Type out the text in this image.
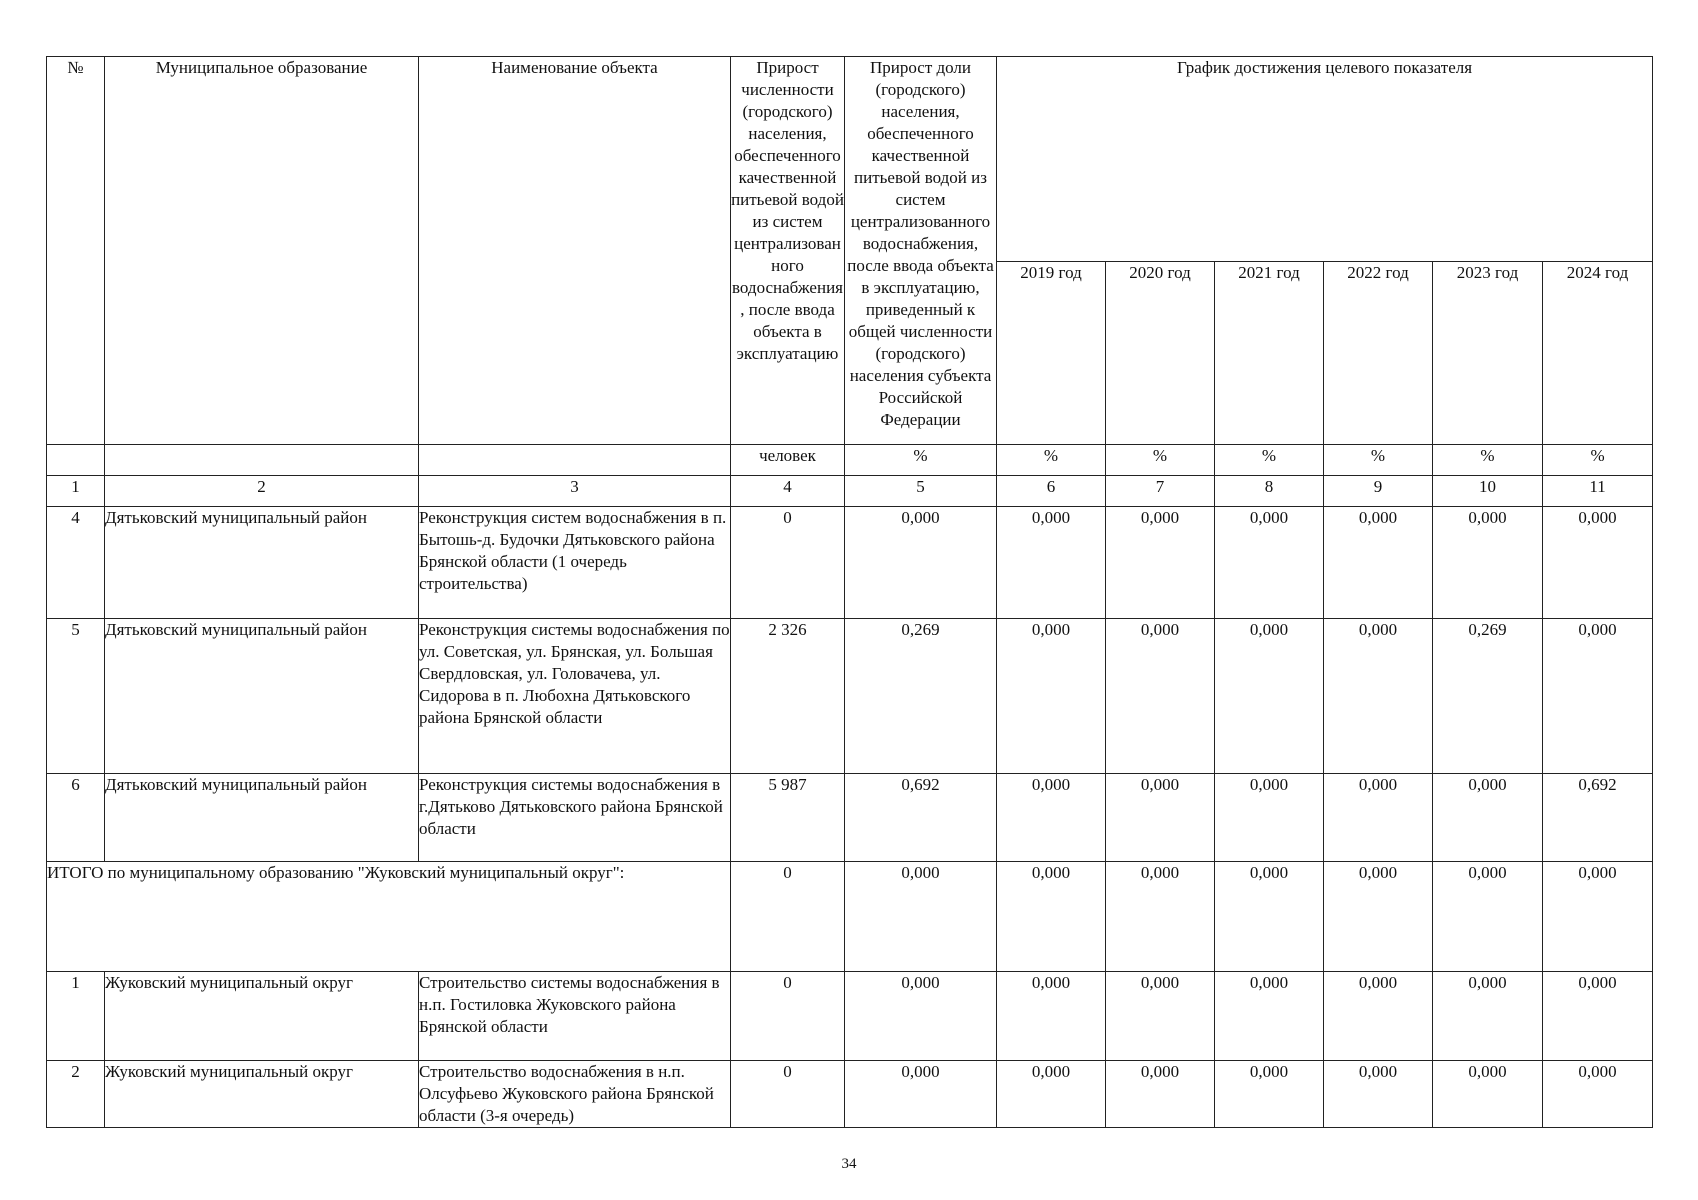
№	Муниципальное образование	Наименование объекта	Прирост численности (городского) населения, обеспеченного качественной питьевой водой из систем централизован ного водоснабжения , после ввода объекта в эксплуатацию	Прирост доли (городского) населения, обеспеченного качественной питьевой водой из систем централизованного водоснабжения, после ввода объекта в эксплуатацию, приведенный к общей численности (городского) населения субъекта Российской Федерации	График достижения целевого показателя					
					2019 год	2020 год	2021 год	2022 год	2023 год	2024 год
			человек	%	%	%	%	%	%	%
1	2	3	4	5	6	7	8	9	10	11
4	Дятьковский муниципальный район	Реконструкция систем водоснабжения в п. Бытошь-д. Будочки Дятьковского района Брянской области (1 очередь строительства)	0	0,000	0,000	0,000	0,000	0,000	0,000	0,000
5	Дятьковский муниципальный район	Реконструкция системы водоснабжения по ул. Советская, ул. Брянская, ул. Большая Свердловская, ул. Головачева, ул. Сидорова в п. Любохна Дятьковского района Брянской области	2 326	0,269	0,000	0,000	0,000	0,000	0,269	0,000
6	Дятьковский муниципальный район	Реконструкция системы водоснабжения в г.Дятьково Дятьковского района Брянской области	5 987	0,692	0,000	0,000	0,000	0,000	0,000	0,692
ИТОГО по муниципальному образованию "Жуковский муниципальный округ":			0	0,000	0,000	0,000	0,000	0,000	0,000	0,000
1	Жуковский муниципальный округ	Строительство системы водоснабжения в н.п. Гостиловка Жуковского района Брянской области	0	0,000	0,000	0,000	0,000	0,000	0,000	0,000
2	Жуковский муниципальный округ	Строительство водоснабжения в н.п. Олсуфьево Жуковского района Брянской области (3-я очередь)	0	0,000	0,000	0,000	0,000	0,000	0,000	0,000
34
